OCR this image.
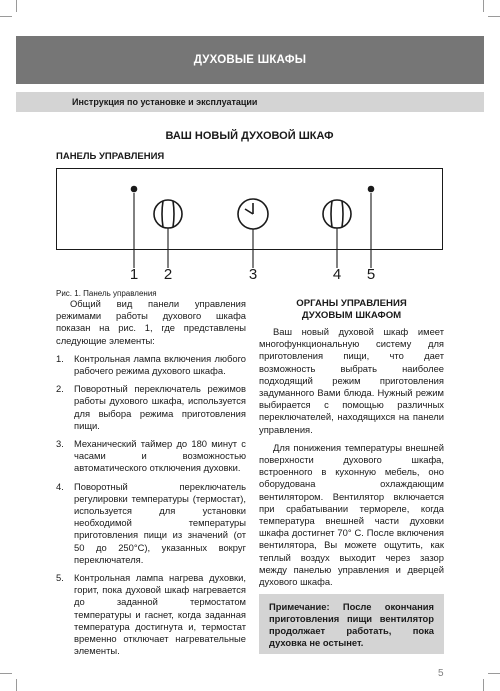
ДУХОВЫЕ ШКАФЫ
Инструкция по установке и эксплуатации
ВАШ НОВЫЙ ДУХОВОЙ ШКАФ
ПАНЕЛЬ УПРАВЛЕНИЯ
1	2	3	4	5
Рис. 1. Панель управления

Общий вид панели управления режимами работы духового шкафа показан на рис. 1, где представлены следующие элементы:

1.	Контрольная лампа включения любого рабочего режима духового шкафа.
2.	Поворотный переключатель режимов работы духового шкафа, используется для выбора режима приготовления пищи.
3.	Механический таймер до 180 минут с часами и возможностью автоматического отключения духовки.
4.	Поворотный переключатель регулировки температуры (термостат), используется для установки необходимой температуры приготовления пищи из значений (от 50 до 250°С), указанных вокруг переключателя.
5.	Контрольная лампа нагрева духовки, горит, пока духовой шкаф нагревается до заданной термостатом температуры и гаснет, когда заданная температура достигнута и, термостат временно отключает нагревательные элементы.
ОРГАНЫ УПРАВЛЕНИЯ
ДУХОВЫМ ШКАФОМ

Ваш новый духовой шкаф имеет многофункциональную систему для приготовления пищи, что дает возможность выбрать наиболее подходящий режим приготовления задуманного Вами блюда. Нужный режим выбирается с помощью различных переключателей, находящихся на панели управления.

Для понижения температуры внешней поверхности духового шкафа, встроенного в кухонную мебель, оно оборудована охлаждающим вентилятором. Вентилятор включается при срабатывании термореле, когда температура внешней части духовки шкафа достигнет 70° С. После включения вентилятора, Вы можете ощутить, как теплый воздух выходит через зазор между панелью управления и дверцей духового шкафа.

Примечание: После окончания приготовления пищи вентилятор продолжает работать, пока духовка не остынет.
5
